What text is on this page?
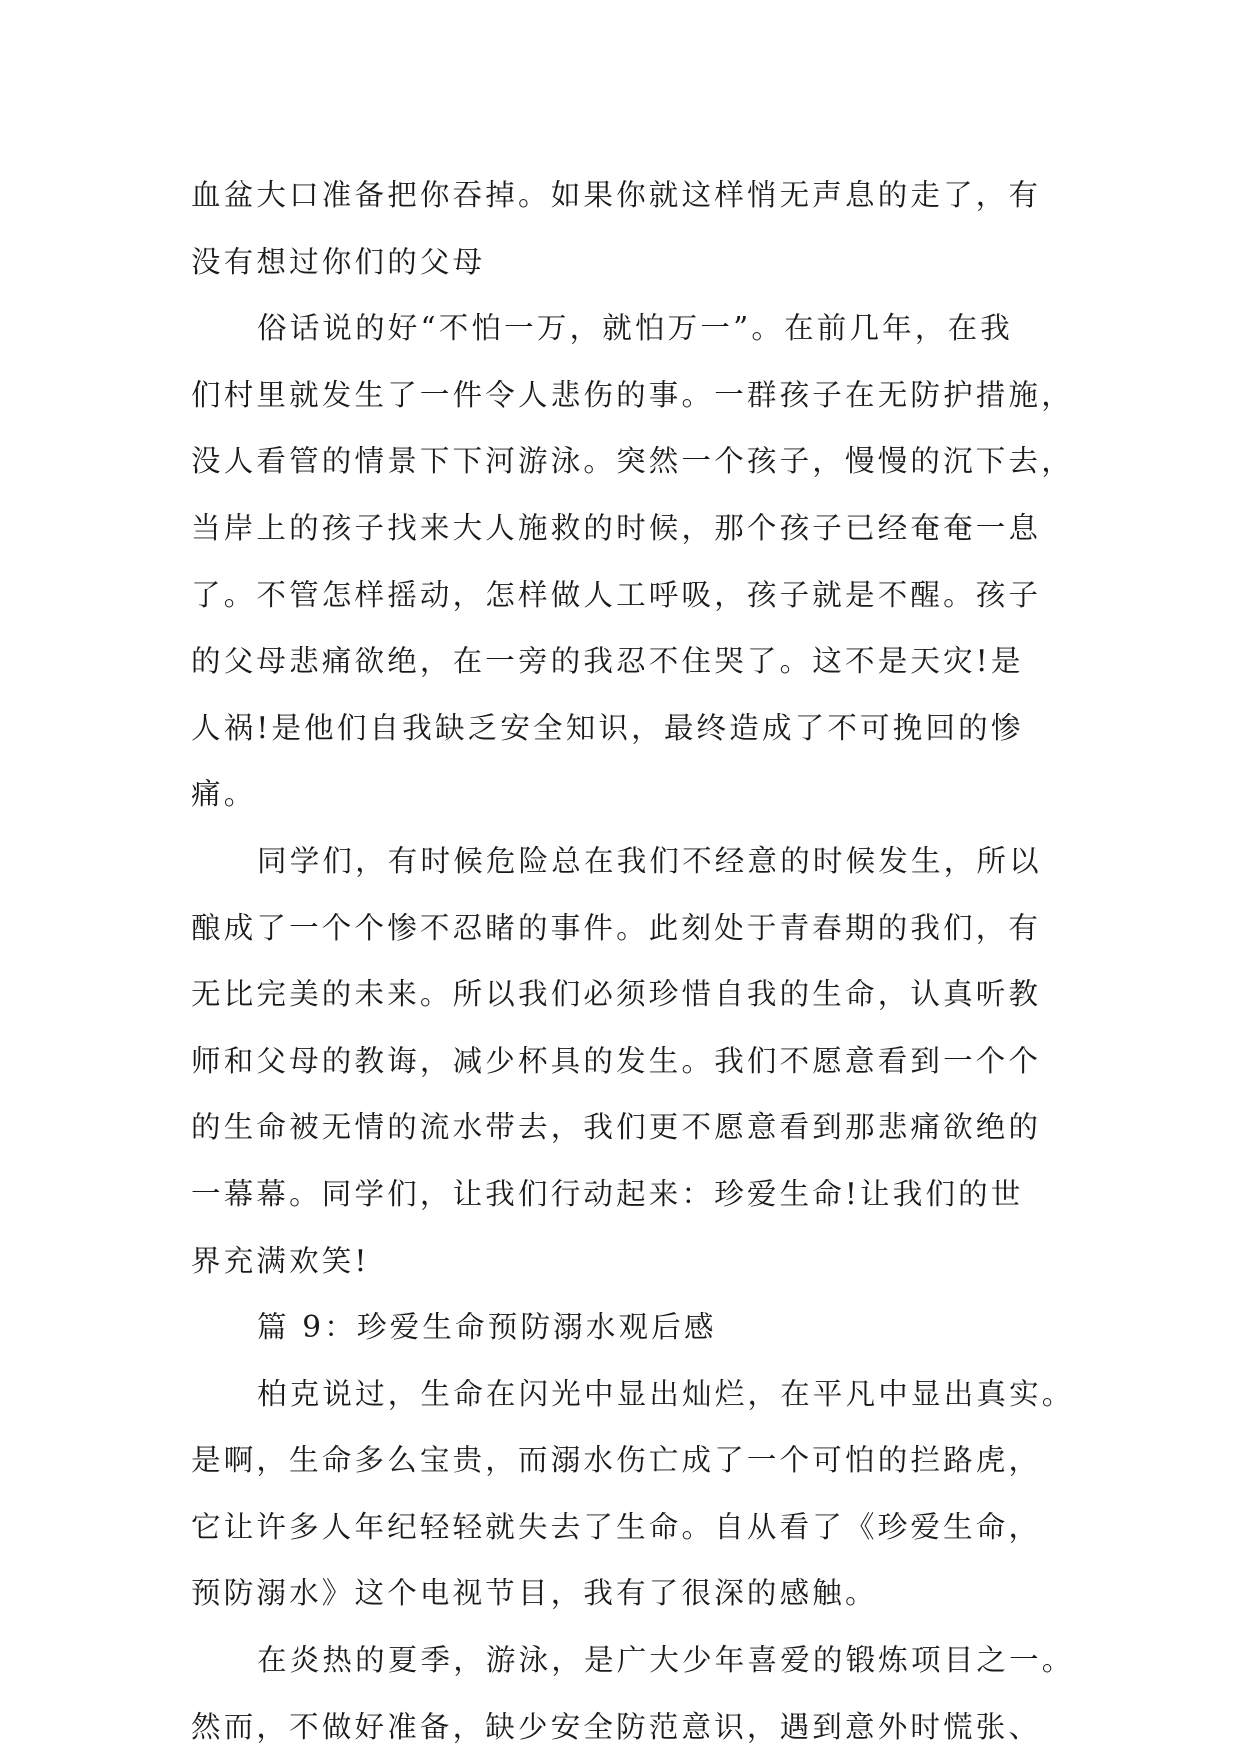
血盆大口准备把你吞掉。如果你就这样悄无声息的走了，有
没有想过你们的父母
俗话说的好“不怕一万，就怕万一”。在前几年，在我
们村里就发生了一件令人悲伤的事。一群孩子在无防护措施，
没人看管的情景下下河游泳。突然一个孩子，慢慢的沉下去，
当岸上的孩子找来大人施救的时候，那个孩子已经奄奄一息
了。不管怎样摇动，怎样做人工呼吸，孩子就是不醒。孩子
的父母悲痛欲绝，在一旁的我忍不住哭了。这不是天灾!是
人祸!是他们自我缺乏安全知识，最终造成了不可挽回的惨
痛。
同学们，有时候危险总在我们不经意的时候发生，所以
酿成了一个个惨不忍睹的事件。此刻处于青春期的我们，有
无比完美的未来。所以我们必须珍惜自我的生命，认真听教
师和父母的教诲，减少杯具的发生。我们不愿意看到一个个
的生命被无情的流水带去，我们更不愿意看到那悲痛欲绝的
一幕幕。同学们，让我们行动起来：珍爱生命!让我们的世
界充满欢笑!
篇 9：珍爱生命预防溺水观后感
柏克说过，生命在闪光中显出灿烂，在平凡中显出真实。
是啊，生命多么宝贵，而溺水伤亡成了一个可怕的拦路虎，
它让许多人年纪轻轻就失去了生命。自从看了《珍爱生命，
预防溺水》这个电视节目，我有了很深的感触。
在炎热的夏季，游泳，是广大少年喜爱的锻炼项目之一。
然而，不做好准备，缺少安全防范意识，遇到意外时慌张、
